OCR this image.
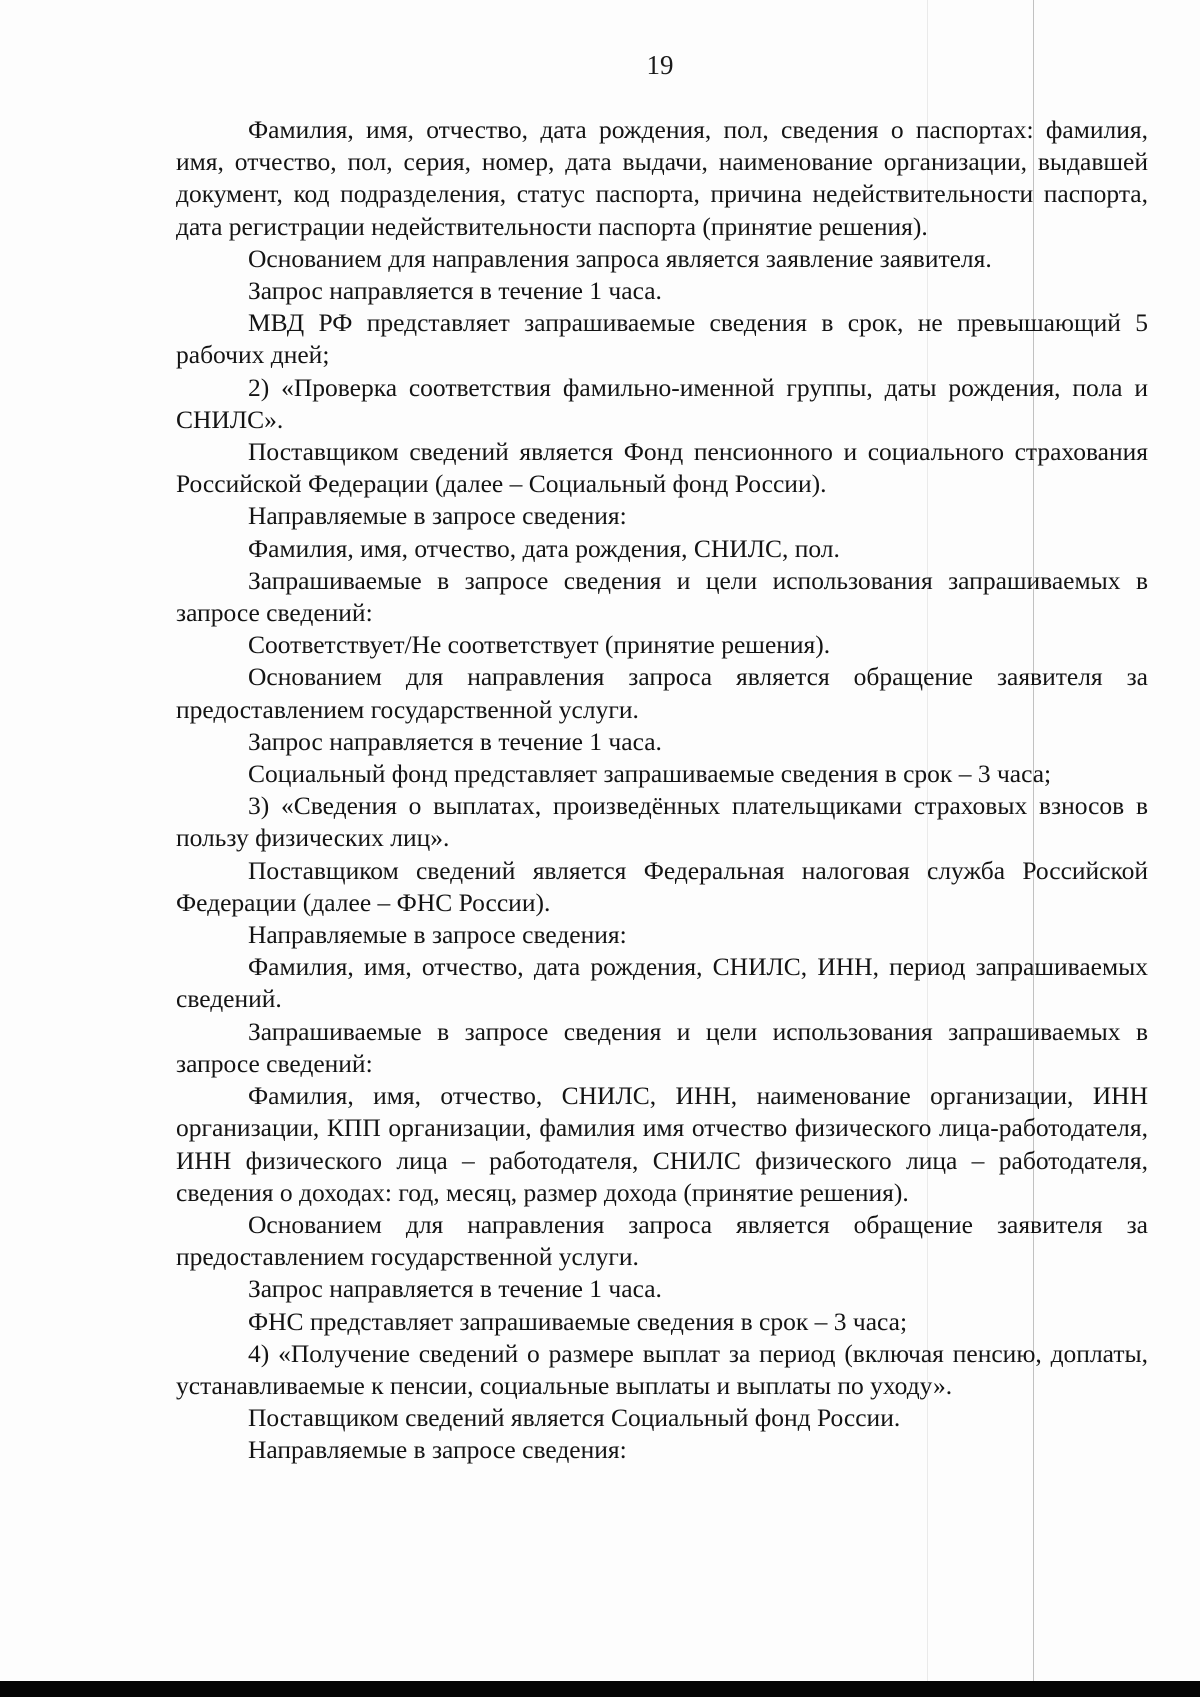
19

Фамилия, имя, отчество, дата рождения, пол, сведения о паспортах: фамилия, имя, отчество, пол, серия, номер, дата выдачи, наименование организации, выдавшей документ, код подразделения, статус паспорта, причина недействительности паспорта, дата регистрации недействительности паспорта (принятие решения).

Основанием для направления запроса является заявление заявителя.

Запрос направляется в течение 1 часа.

МВД РФ представляет запрашиваемые сведения в срок, не превышающий 5 рабочих дней;

2) «Проверка соответствия фамильно-именной группы, даты рождения, пола и СНИЛС».

Поставщиком сведений является Фонд пенсионного и социального страхования Российской Федерации (далее – Социальный фонд России).

Направляемые в запросе сведения:

Фамилия, имя, отчество, дата рождения, СНИЛС, пол.

Запрашиваемые в запросе сведения и цели использования запрашиваемых в запросе сведений:

Соответствует/Не соответствует (принятие решения).

Основанием для направления запроса является обращение заявителя за предоставлением государственной услуги.

Запрос направляется в течение 1 часа.

Социальный фонд представляет запрашиваемые сведения в срок – 3 часа;

3) «Сведения о выплатах, произведённых плательщиками страховых взносов в пользу физических лиц».

Поставщиком сведений является Федеральная налоговая служба Российской Федерации (далее – ФНС России).

Направляемые в запросе сведения:

Фамилия, имя, отчество, дата рождения, СНИЛС, ИНН, период запрашиваемых сведений.

Запрашиваемые в запросе сведения и цели использования запрашиваемых в запросе сведений:

Фамилия, имя, отчество, СНИЛС, ИНН, наименование организации, ИНН организации, КПП организации, фамилия имя отчество физического лица-работодателя, ИНН физического лица – работодателя, СНИЛС физического лица – работодателя, сведения о доходах: год, месяц, размер дохода (принятие решения).

Основанием для направления запроса является обращение заявителя за предоставлением государственной услуги.

Запрос направляется в течение 1 часа.

ФНС представляет запрашиваемые сведения в срок – 3 часа;

4) «Получение сведений о размере выплат за период (включая пенсию, доплаты, устанавливаемые к пенсии, социальные выплаты и выплаты по уходу».

Поставщиком сведений является Социальный фонд России.

Направляемые в запросе сведения:
